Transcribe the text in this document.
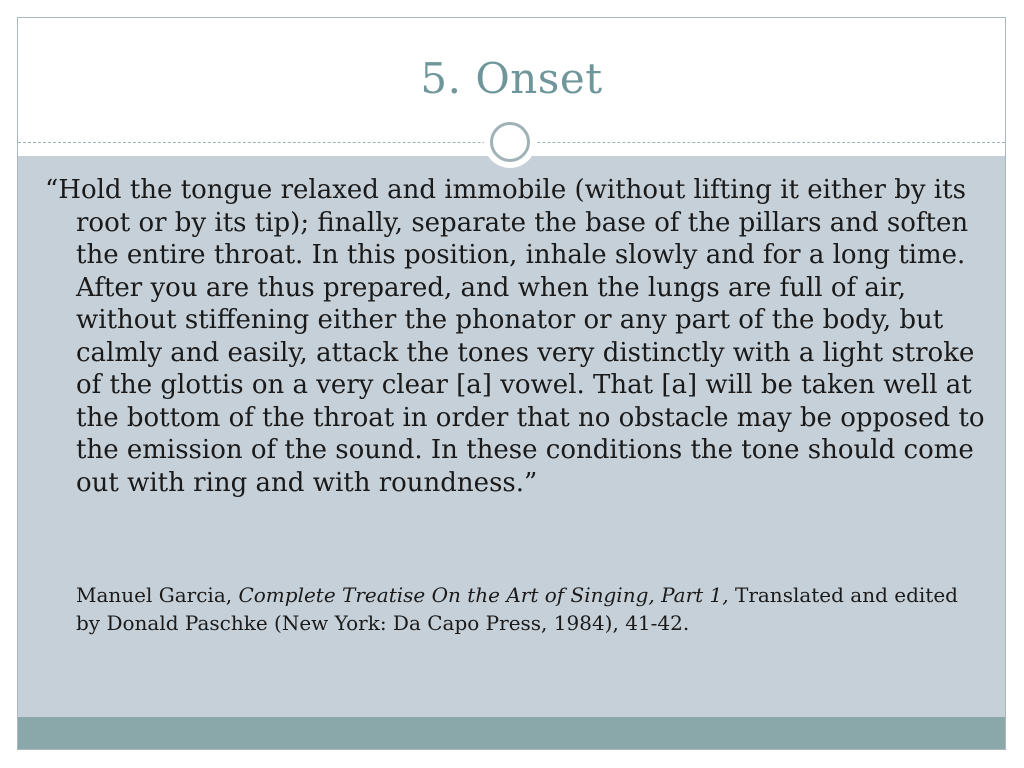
5. Onset

“Hold the tongue relaxed and immobile (without lifting it either by its root or by its tip); finally, separate the base of the pillars and soften the entire throat. In this position, inhale slowly and for a long time. After you are thus prepared, and when the lungs are full of air, without stiffening either the phonator or any part of the body, but calmly and easily, attack the tones very distinctly with a light stroke of the glottis on a very clear [a] vowel. That [a] will be taken well at the bottom of the throat in order that no obstacle may be opposed to the emission of the sound. In these conditions the tone should come out with ring and with roundness.”

Manuel Garcia, Complete Treatise On the Art of Singing, Part 1, Translated and edited by Donald Paschke (New York: Da Capo Press, 1984), 41-42.
